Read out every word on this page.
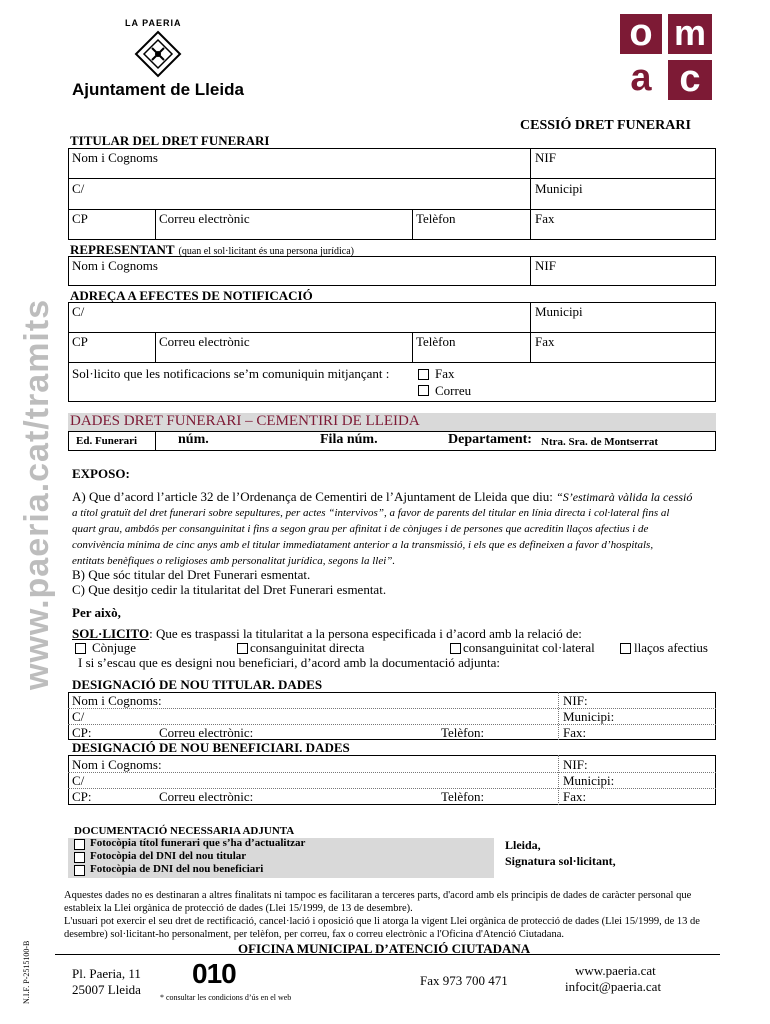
LA PAERIA
Ajuntament de Lleida
o m
a c
CESSIÓ DRET FUNERARI
www.paeria.cat/tramits
N.I.F. P-2515100-B
TITULAR DEL DRET FUNERARI
Nom i Cognoms	NIF
C/	Municipi
CP	Correu electrònic	Telèfon	Fax
REPRESENTANT (quan el sol·licitant és una persona jurídica)
Nom i Cognoms	NIF
ADREÇA A EFECTES DE NOTIFICACIÓ
C/	Municipi
CP	Correu electrònic	Telèfon	Fax
Sol·licito que les notificacions se’m comuniquin mitjançant :	Fax
Correu
DADES DRET FUNERARI – CEMENTIRI DE LLEIDA
Ed. Funerari	núm.	Fila núm.	Departament: Ntra. Sra. de Montserrat
EXPOSO:
A) Que d’acord l’article 32 de l’Ordenança de Cementiri de l’Ajuntament de Lleida que diu: “S’estimarà vàlida la cessió
a títol gratuït del dret funerari sobre sepultures, per actes “intervivos”, a favor de parents del titular en línia directa i col·lateral fins al
quart grau, ambdós per consanguinitat i fins a segon grau per afinitat i de cònjuges i de persones que acreditin llaços afectius i de
convivència mínima de cinc anys amb el titular immediatament anterior a la transmissió, i els que es defineixen a favor d’hospitals,
entitats benèfiques o religioses amb personalitat jurídica, segons la llei”.
B) Que sóc titular del Dret Funerari esmentat.
C) Que desitjo cedir la titularitat del Dret Funerari esmentat.
Per això,
SOL·LICITO: Que es traspassi la titularitat a la persona especificada i d’acord amb la relació de:
Cònjuge	consanguinitat directa	consanguinitat col·lateral	llaços afectius
I si s’escau que es designi nou beneficiari, d’acord amb la documentació adjunta:
DESIGNACIÓ DE NOU TITULAR. DADES
Nom i Cognoms:	NIF:
C/	Municipi:
CP:	Correu electrònic:	Telèfon:	Fax:
DESIGNACIÓ DE NOU BENEFICIARI. DADES
Nom i Cognoms:	NIF:
C/	Municipi:
CP:	Correu electrònic:	Telèfon:	Fax:
DOCUMENTACIÓ NECESSARIA ADJUNTA
Fotocòpia títol funerari que s’ha d’actualitzar
Fotocòpia del DNI del nou titular
Fotocòpia de DNI del nou beneficiari
Lleida,
Signatura sol·licitant,
Aquestes dades no es destinaran a altres finalitats ni tampoc es facilitaran a terceres parts, d'acord amb els principis de dades de caràcter personal que estableix la Llei orgànica de protecció de dades (Llei 15/1999, de 13 de desembre).
L'usuari pot exercir el seu dret de rectificació, cancel·lació i oposició que li atorga la vigent Llei orgànica de protecció de dades (Llei 15/1999, de 13 de desembre) sol·licitant-ho personalment, per telèfon, per correu, fax o correu electrònic a l'Oficina d'Atenció Ciutadana.
OFICINA MUNICIPAL D’ATENCIÓ CIUTADANA
Pl. Paeria, 11
25007 Lleida
010
* consultar les condicions d’ús en el web
Fax 973 700 471
www.paeria.cat
infocit@paeria.cat
